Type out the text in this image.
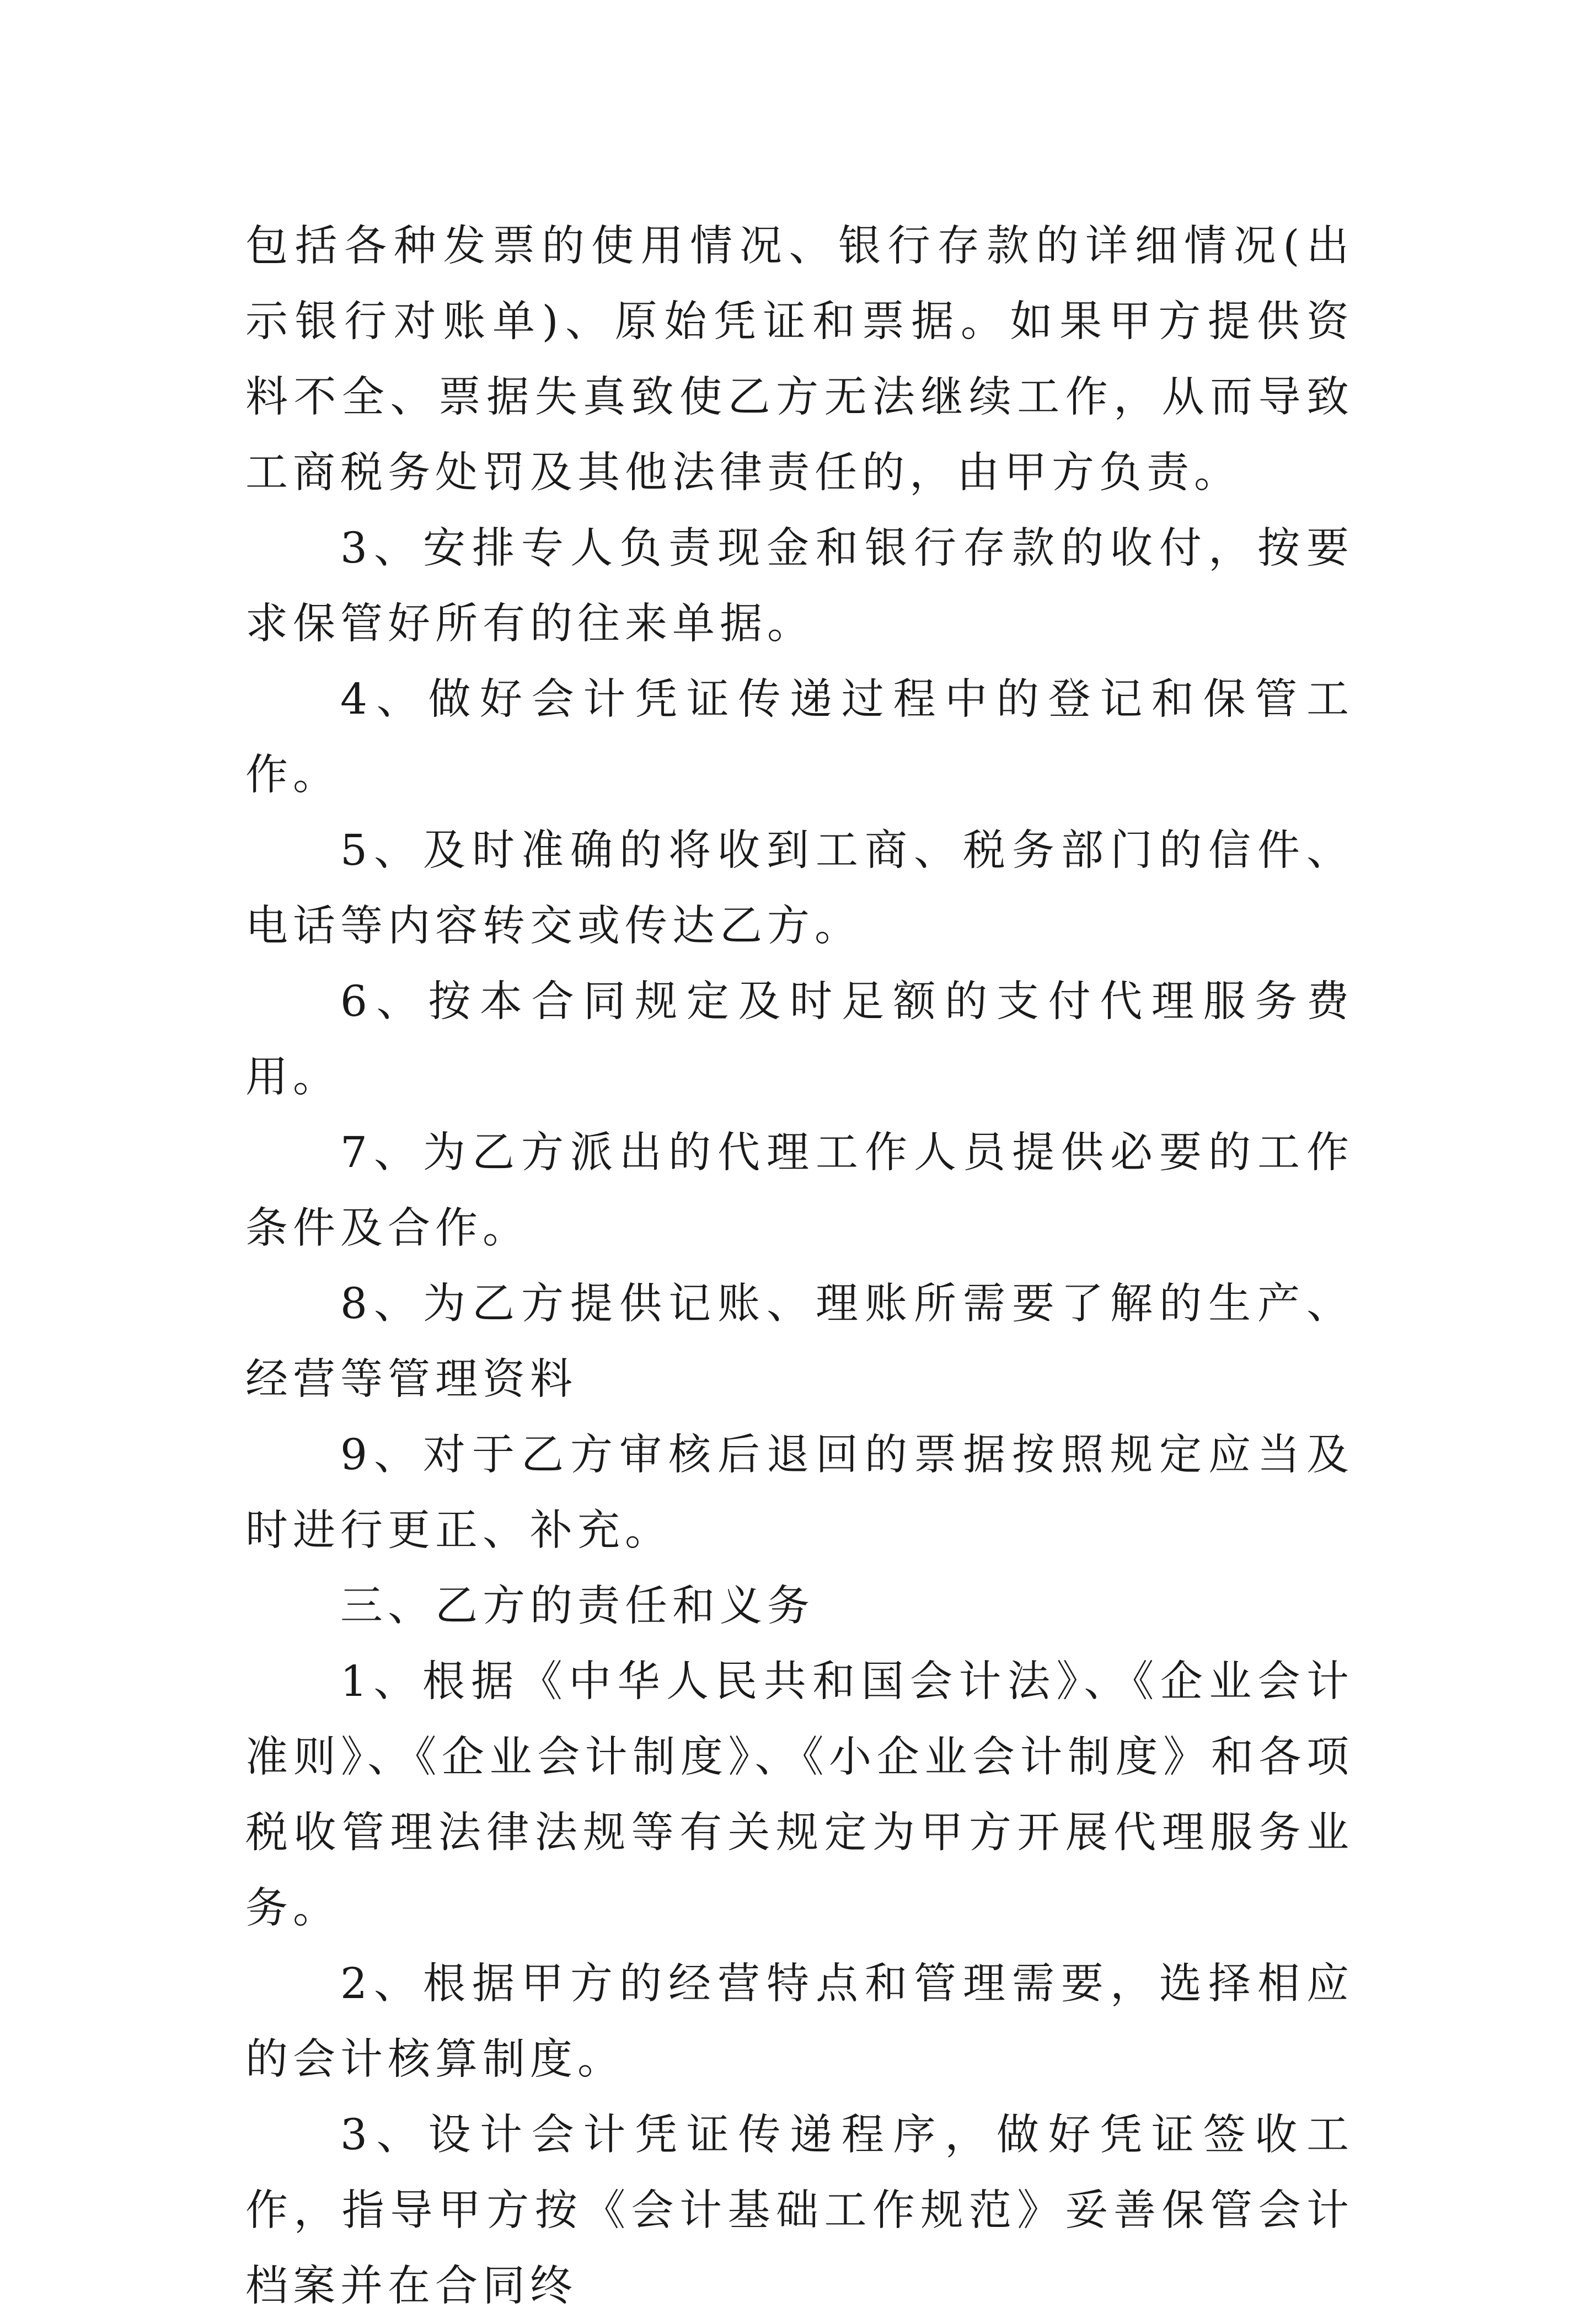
包括各种发票的使用情况、银行存款的详细情况(出示银行对账单)、原始凭证和票据。如果甲方提供资料不全、票据失真致使乙方无法继续工作，从而导致工商税务处罚及其他法律责任的，由甲方负责。

3、安排专人负责现金和银行存款的收付，按要求保管好所有的往来单据。

4、做好会计凭证传递过程中的登记和保管工作。

5、及时准确的将收到工商、税务部门的信件、电话等内容转交或传达乙方。

6、按本合同规定及时足额的支付代理服务费用。

7、为乙方派出的代理工作人员提供必要的工作条件及合作。

8、为乙方提供记账、理账所需要了解的生产、经营等管理资料

9、对于乙方审核后退回的票据按照规定应当及时进行更正、补充。

三、乙方的责任和义务

1、根据《中华人民共和国会计法》、《企业会计准则》、《企业会计制度》、《小企业会计制度》和各项税收管理法律法规等有关规定为甲方开展代理服务业务。

2、根据甲方的经营特点和管理需要，选择相应的会计核算制度。

3、设计会计凭证传递程序，做好凭证签收工作，指导甲方按《会计基础工作规范》妥善保管会计档案并在合同终
